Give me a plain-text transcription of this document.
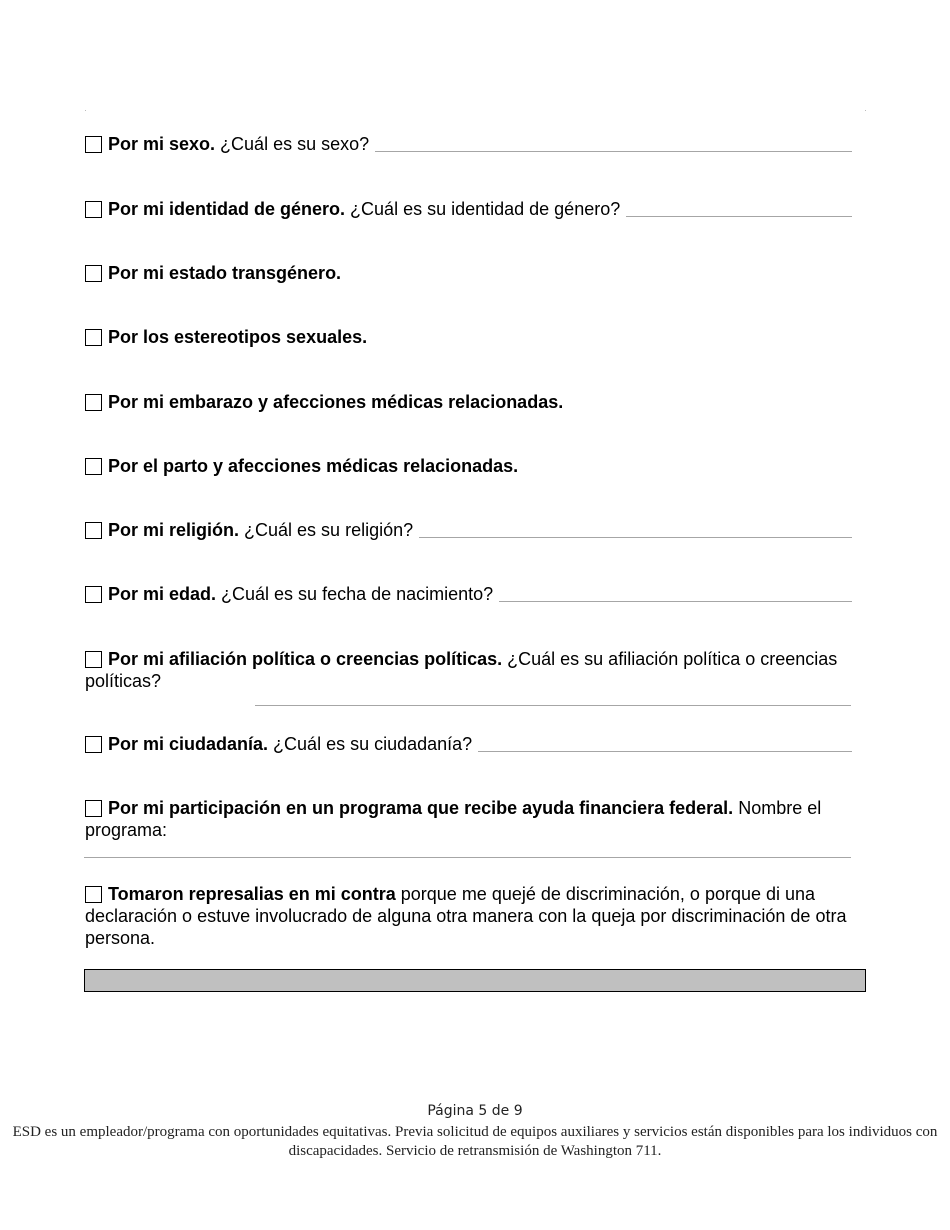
Por mi sexo. ¿Cuál es su sexo?
Por mi identidad de género. ¿Cuál es su identidad de género?
Por mi estado transgénero.
Por los estereotipos sexuales.
Por mi embarazo y afecciones médicas relacionadas.
Por el parto y afecciones médicas relacionadas.
Por mi religión. ¿Cuál es su religión?
Por mi edad. ¿Cuál es su fecha de nacimiento?
Por mi afiliación política o creencias políticas. ¿Cuál es su afiliación política o creencias políticas?
Por mi ciudadanía. ¿Cuál es su ciudadanía?
Por mi participación en un programa que recibe ayuda financiera federal. Nombre el programa:
Tomaron represalias en mi contra porque me quejé de discriminación, o porque di una declaración o estuve involucrado de alguna otra manera con la queja por discriminación de otra persona.
Página 5 de 9
ESD es un empleador/programa con oportunidades equitativas. Previa solicitud de equipos auxiliares y servicios están disponibles para los individuos con discapacidades. Servicio de retransmisión de Washington 711.
